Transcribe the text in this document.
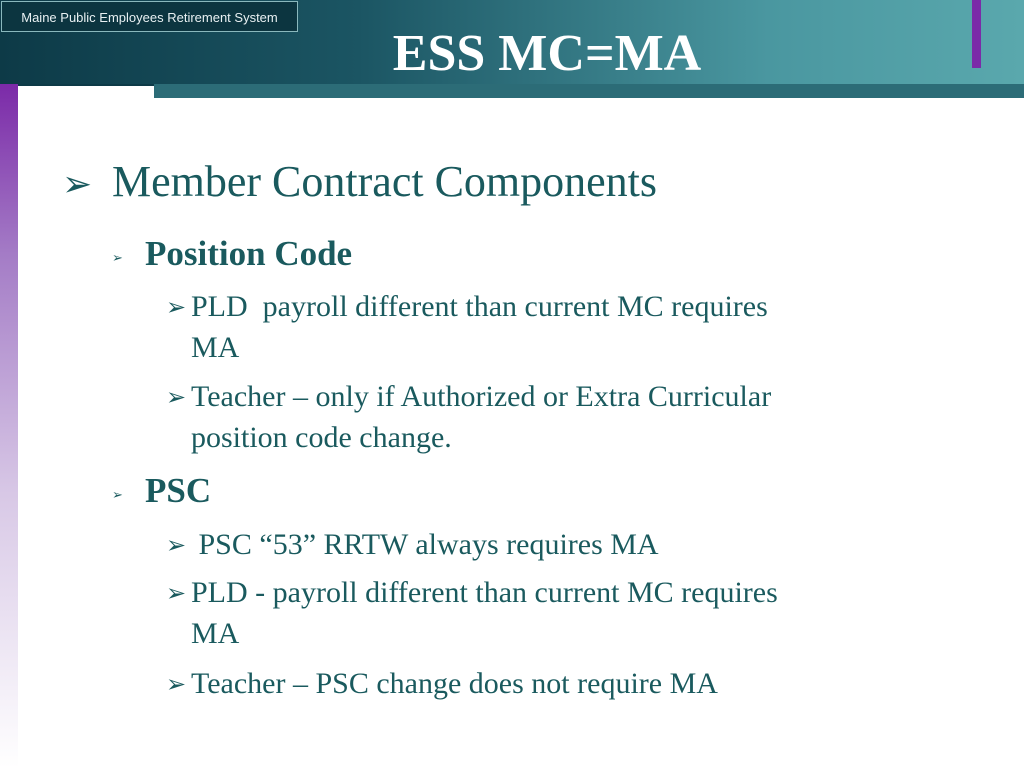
Maine Public Employees Retirement System
ESS MC=MA
➢ Member Contract Components
➢ Position Code
➢ PLD  payroll different than current MC requires
MA
➢ Teacher – only if Authorized or Extra Curricular
position code change.
➢ PSC
➢ PSC “53” RRTW always requires MA
➢ PLD - payroll different than current MC requires
MA
➢ Teacher – PSC change does not require MA
